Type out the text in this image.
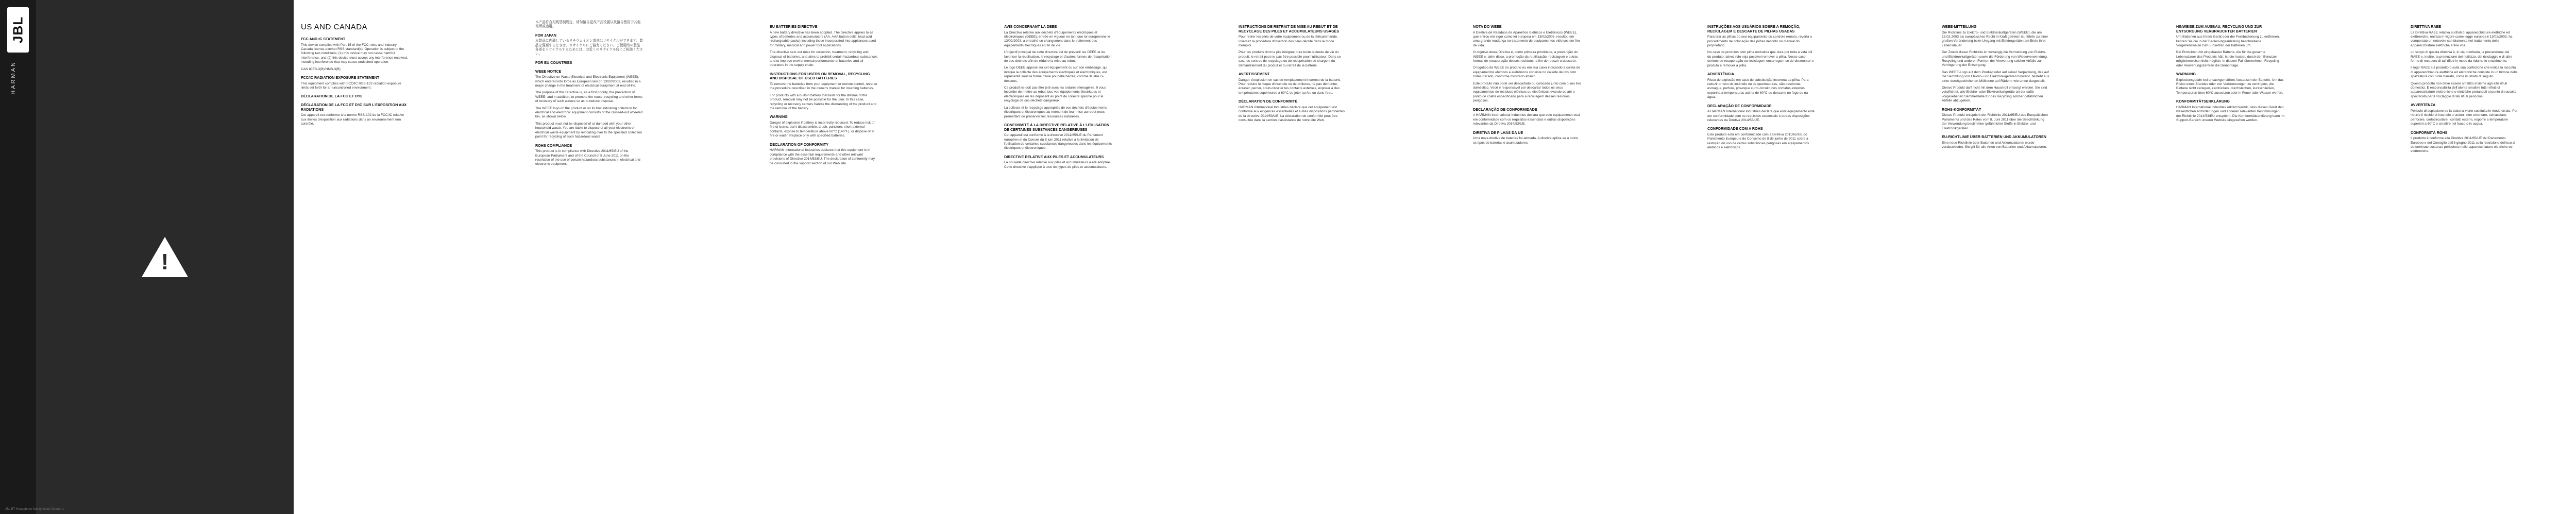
JBL
HARMAN
!
US AND CANADA
FCC AND IC STATEMENT

This device complies with Part 15 of the FCC rules and Industry Canada license-exempt RSS standard(s). Operation is subject to the following two conditions: (1) this device may not cause harmful interference, and (2) this device must accept any interference received, including interference that may cause undesired operation.

CAN ICES-3(B)/NMB-3(B)

FCC/IC RADIATION EXPOSURE STATEMENT

This equipment complies with FCC/IC RSS-102 radiation exposure limits set forth for an uncontrolled environment.

DÉCLARATION DE LA FCC ET D'IC
DÉCLARATION DE LA FCC ET D'IC SUR L'EXPOSITION AUX RADIATIONS

Cet appareil est conforme à la norme RSS-102 de la FCC/IC relative aux limites d'exposition aux radiations dans un environnement non contrôlé.

本产品符合无线管制规定，请勿擅自更改产品设置以及擅自使用于其他场所或运用。

FOR JAPAN

本製品に内蔵しているリチウムイオン電池はリサイクルができます。製品を廃棄するときは、リサイクルにご協力ください。ご使用時の製品各部をリサイクルするためには、お近くのリサイクル店にご相談ください。

FOR EU COUNTRIES
WEEE NOTICE

The Directive on Waste Electrical and Electronic Equipment (WEEE), which entered into force as European law on 13/02/2003, resulted in a major change in the treatment of electrical equipment at end-of-life.

The purpose of this Directive is, as a first priority, the prevention of WEEE, and in addition, to promote the reuse, recycling and other forms of recovery of such wastes so as to reduce disposal.

The WEEE logo on the product or on its box indicating collection for electrical and electronic equipment consists of the crossed-out wheeled bin, as shown below.

This product must not be disposed of or dumped with your other household waste. You are liable to dispose of all your electronic or electrical waste equipment by relocating over to the specified collection point for recycling of such hazardous waste.

ROHS COMPLIANCE

This product is in compliance with Directive 2011/65/EU of the European Parliament and of the Council of 8 June 2011 on the restriction of the use of certain hazardous substances in electrical and electronic equipment.

EU BATTERIES DIRECTIVE

A new battery directive has been adopted. The directive applies to all types of batteries and accumulators (AA, AAA button cells, lead acid rechargeable packs) including those incorporated into appliances used for military, medical and power tool applications.

The directive sets out rules for collection, treatment, recycling and disposal of batteries, and aims to prohibit certain hazardous substances and to improve environmental performance of batteries and all operators in the supply chain.

INSTRUCTIONS FOR USERS ON REMOVAL, RECYCLING AND DISPOSAL OF USED BATTERIES

To remove the batteries from your equipment or remote control, reverse the procedure described in the owner's manual for inserting batteries.

For products with a built-in battery that lasts for the lifetime of the product, removal may not be possible for the user. In this case, recycling or recovery centers handle the dismantling of the product and the removal of the battery.

WARNING

Danger of explosion if battery is incorrectly replaced. To reduce risk of fire or burns, don't disassemble, crush, puncture, short external contacts, expose to temperature above 60°C (140°F), or dispose of in fire or water. Replace only with specified batteries.

DECLARATION OF CONFORMITY

HARMAN International Industries declares that this equipment is in compliance with the essential requirements and other relevant provisions of Directive 2014/53/EU. The declaration of conformity may be consulted in the support section of our Web site.

AVIS CONCERNANT LA DEEE

La Directive relative aux déchets d'équipements électriques et électroniques (DEEE), entrée en vigueur en tant que loi européenne le 13/02/2003, a entraîné un changement dans le traitement des équipements électriques en fin de vie.

L'objectif principal de cette directive est de prévenir les DEEE et de favoriser la réutilisation, le recyclage et d'autres formes de récupération de ces déchets afin de réduire la mise au rebut.

Le logo DEEE apposé sur cet équipement ou sur son emballage, qui indique la collecte des équipements électriques et électroniques, est représenté sous la forme d'une poubelle barrée, comme illustré ci-dessous.

Ce produit ne doit pas être jeté avec les ordures ménagères. Il vous incombe de mettre au rebut tous vos équipements électriques et électroniques en les déposant au point de collecte spécifié pour le recyclage de ces déchets dangereux.

La collecte et le recyclage appropriés de vos déchets d'équipements électriques et électroniques au moment de leur mise au rebut nous permettent de préserver les ressources naturelles.

CONFORMITÉ À LA DIRECTIVE RELATIVE À L'UTILISATION DE CERTAINES SUBSTANCES DANGEREUSES

Cet appareil est conforme à la directive 2011/65/UE du Parlement européen et du Conseil du 8 juin 2011 relative à la limitation de l'utilisation de certaines substances dangereuses dans les équipements électriques et électroniques.

DIRECTIVE RELATIVE AUX PILES ET ACCUMULATEURS

La nouvelle directive relative aux piles et accumulateurs a été adoptée. Cette directive s'applique à tous les types de piles et accumulateurs.

INSTRUCTIONS DE RETRAIT DE MISE AU REBUT ET DE RECYCLAGE DES PILES ET ACCUMULATEURS USAGÉS

Pour retirer les piles de votre équipement ou de la télécommande, inversez la procédure d'insertion des piles décrite dans le mode d'emploi.

Pour les produits dont la pile intégrée dure toute la durée de vie du produit, le retrait peut ne pas être possible pour l'utilisateur. Dans ce cas, les centres de recyclage ou de récupération se chargent du démantèlement du produit et du retrait de la batterie.

AVERTISSEMENT

Danger d'explosion en cas de remplacement incorrect de la batterie. Pour réduire le risque d'incendie ou de brûlures, ne pas démonter, écraser, percer, court-circuiter les contacts externes, exposer à des températures supérieures à 60°C ou jeter au feu ou dans l'eau.

DÉCLARATION DE CONFORMITÉ

HARMAN International Industries déclare que cet équipement est conforme aux exigences essentielles et autres dispositions pertinentes de la directive 2014/53/UE. La déclaration de conformité peut être consultée dans la section d'assistance de notre site Web.

NOTA DO WEEE

A Diretiva de Resíduos de Aparelhos Elétricos e Eletrônicos (WEEE), que entrou em vigor como lei europeia em 13/02/2003, resultou em uma grande mudança no tratamento de equipamentos elétricos em fim de vida.

O objetivo desta Diretiva é, como primeira prioridade, a prevenção do WEEE e, além disso, a promoção da reutilização, reciclagem e outras formas de recuperação desses resíduos, a fim de reduzir o descarte.

O logotipo da WEEE no produto ou em sua caixa indicando a coleta de equipamentos elétricos e eletrônicos consiste no caixote de lixo com rodas riscado, conforme mostrado abaixo.

Este produto não pode ser descartado ou colocado junto com o seu lixo doméstico. Você é responsável por descartar todos os seus equipamentos de resíduos elétricos ou eletrônicos levando-os até o ponto de coleta especificado para a reciclagem desses resíduos perigosos.

DECLARAÇÃO DE CONFORMIDADE

A HARMAN International Industries declara que este equipamento está em conformidade com os requisitos essenciais e outras disposições relevantes da Diretiva 2014/53/UE.

DIRETIVA DE PILHAS DA UE

Uma nova diretiva de baterias foi adotada. A diretiva aplica-se a todos os tipos de baterias e acumuladores.

INSTRUÇÕES AOS USUÁRIOS SOBRE A REMOÇÃO, RECICLAGEM E DESCARTE DE PILHAS USADAS

Para tirar as pilhas do seu equipamento ou controle remoto, reverta o procedimento de colocação das pilhas descrito no manual do proprietário.

No caso de produtos com pilha embutida que dura por toda a vida útil do produto, talvez não seja possível remover a pilha. Nesse caso, centros de recuperação ou reciclagem encarregam-se de desmontar o produto e remover a pilha.

ADVERTÊNCIA

Risco de explosão em caso de substituição incorreta da pilha. Para reduzir o risco de incêndio ou de queimaduras, não desmonte, esmague, perfure, provoque curto-circuito nos contatos externos, exponha a temperaturas acima de 60°C ou descarte no fogo ou na água.

DECLARAÇÃO DE CONFORMIDADE

A HARMAN International Industries declara que este equipamento está em conformidade com os requisitos essenciais e outras disposições relevantes da Diretiva 2014/53/UE.

CONFORMIDADE COM A ROHS

Este produto está em conformidade com a Diretiva 2011/65/UE do Parlamento Europeu e do Conselho de 8 de junho de 2011 sobre a restrição do uso de certas substâncias perigosas em equipamentos elétricos e eletrônicos.

WEEE-MITTEILUNG

Die Richtlinie zu Elektro- und Elektronikaltgeräten (WEEE), die am 13.02.2003 als europäisches Recht in Kraft getreten ist, führte zu einer großen Veränderung beim Umgang mit Elektrogeräten am Ende ihrer Lebensdauer.

Der Zweck dieser Richtlinie ist vorrangig die Vermeidung von Elektro- und Elektronikaltgeräten sowie die Förderung von Wiederverwendung, Recycling und anderen Formen der Verwertung solcher Abfälle zur Verringerung der Entsorgung.

Das WEEE-Logo auf dem Produkt oder auf seiner Verpackung, das auf die Sammlung von Elektro- und Elektronikgeräten hinweist, besteht aus einer durchgestrichenen Mülltonne auf Rädern, wie unten dargestellt.

Dieses Produkt darf nicht mit dem Hausmüll entsorgt werden. Sie sind verpflichtet, alle Elektro- oder Elektronikaltgeräte an der dafür vorgesehenen Sammelstelle für das Recycling solcher gefährlichen Abfälle abzugeben.

ROHS-KONFORMITÄT

Dieses Produkt entspricht der Richtlinie 2011/65/EU des Europäischen Parlaments und des Rates vom 8. Juni 2011 über die Beschränkung der Verwendung bestimmter gefährlicher Stoffe in Elektro- und Elektronikgeräten.

EU-RICHTLINIE ÜBER BATTERIEN UND AKKUMULATOREN

Eine neue Richtlinie über Batterien und Akkumulatoren wurde verabschiedet. Sie gilt für alle Arten von Batterien und Akkumulatoren.

HINWEISE ZUM AUSBAU, RECYCLING UND ZUR ENTSORGUNG VERBRAUCHTER BATTERIEN

Um Batterien aus Ihrem Gerät oder der Fernbedienung zu entfernen, kehren Sie die in der Bedienungsanleitung beschriebene Vorgehensweise zum Einsetzen der Batterien um.

Bei Produkten mit eingebauter Batterie, die für die gesamte Lebensdauer des Produkts hält, ist ein Ausbau durch den Benutzer möglicherweise nicht möglich. In diesem Fall übernehmen Recycling- oder Verwertungszentren die Demontage.

WARNUNG

Explosionsgefahr bei unsachgemäßem Austausch der Batterie. Um das Risiko eines Brandes oder von Verbrennungen zu verringern, die Batterie nicht zerlegen, zerdrücken, durchstechen, kurzschließen, Temperaturen über 60°C aussetzen oder in Feuer oder Wasser werfen.

KONFORMITÄTSERKLÄRUNG

HARMAN International Industries erklärt hiermit, dass dieses Gerät den wesentlichen Anforderungen und anderen relevanten Bestimmungen der Richtlinie 2014/53/EU entspricht. Die Konformitätserklärung kann im Support-Bereich unserer Website eingesehen werden.

DIRETTIVA RAEE

La Direttiva RAEE relativa ai rifiuti di apparecchiature elettriche ed elettroniche, entrata in vigore come legge europea il 13/02/2003, ha comportato un notevole cambiamento nel trattamento delle apparecchiature elettriche a fine vita.

Lo scopo di questa direttiva è, in via prioritaria, la prevenzione dei RAEE e, inoltre, la promozione del riutilizzo, del riciclaggio e di altre forme di recupero di tali rifiuti in modo da ridurne lo smaltimento.

Il logo RAEE sul prodotto o sulla sua confezione che indica la raccolta di apparecchiature elettriche ed elettroniche consiste in un bidone della spazzatura con ruote barrato, come illustrato di seguito.

Questo prodotto non deve essere smaltito insieme agli altri rifiuti domestici. È responsabilità dell'utente smaltire tutti i rifiuti di apparecchiature elettroniche o elettriche portandoli al punto di raccolta specificato per il riciclaggio di tali rifiuti pericolosi.

AVVERTENZA

Pericolo di esplosione se la batteria viene sostituita in modo errato. Per ridurre il rischio di incendio o ustioni, non smontare, schiacciare, perforare, cortocircuitare i contatti esterni, esporre a temperature superiori a 60°C o smaltire nel fuoco o in acqua.

CONFORMITÀ ROHS

Il prodotto è conforme alla Direttiva 2011/65/UE del Parlamento Europeo e del Consiglio dell'8 giugno 2011 sulla restrizione dell'uso di determinate sostanze pericolose nelle apparecchiature elettriche ed elettroniche.

JBL BT Headphone Safety sheet V3.indd 1
